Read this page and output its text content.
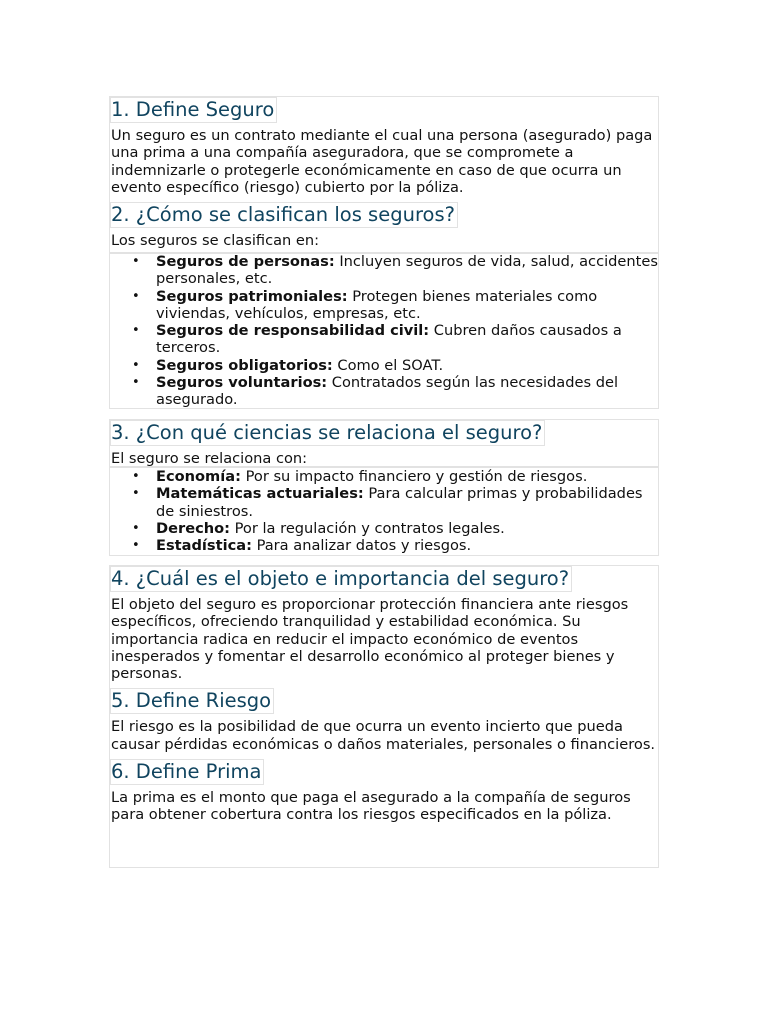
1. Define Seguro

Un seguro es un contrato mediante el cual una persona (asegurado) paga una prima a una compañía aseguradora, que se compromete a indemnizarle o protegerle económicamente en caso de que ocurra un evento específico (riesgo) cubierto por la póliza.

2. ¿Cómo se clasifican los seguros?

Los seguros se clasifican en:

• Seguros de personas: Incluyen seguros de vida, salud, accidentes personales, etc.
• Seguros patrimoniales: Protegen bienes materiales como viviendas, vehículos, empresas, etc.
• Seguros de responsabilidad civil: Cubren daños causados a terceros.
• Seguros obligatorios: Como el SOAT.
• Seguros voluntarios: Contratados según las necesidades del asegurado.
3. ¿Con qué ciencias se relaciona el seguro?

El seguro se relaciona con:

• Economía: Por su impacto financiero y gestión de riesgos.
• Matemáticas actuariales: Para calcular primas y probabilidades de siniestros.
• Derecho: Por la regulación y contratos legales.
• Estadística: Para analizar datos y riesgos.
4. ¿Cuál es el objeto e importancia del seguro?

El objeto del seguro es proporcionar protección financiera ante riesgos específicos, ofreciendo tranquilidad y estabilidad económica. Su importancia radica en reducir el impacto económico de eventos inesperados y fomentar el desarrollo económico al proteger bienes y personas.

5. Define Riesgo

El riesgo es la posibilidad de que ocurra un evento incierto que pueda causar pérdidas económicas o daños materiales, personales o financieros.

6. Define Prima

La prima es el monto que paga el asegurado a la compañía de seguros para obtener cobertura contra los riesgos especificados en la póliza.
